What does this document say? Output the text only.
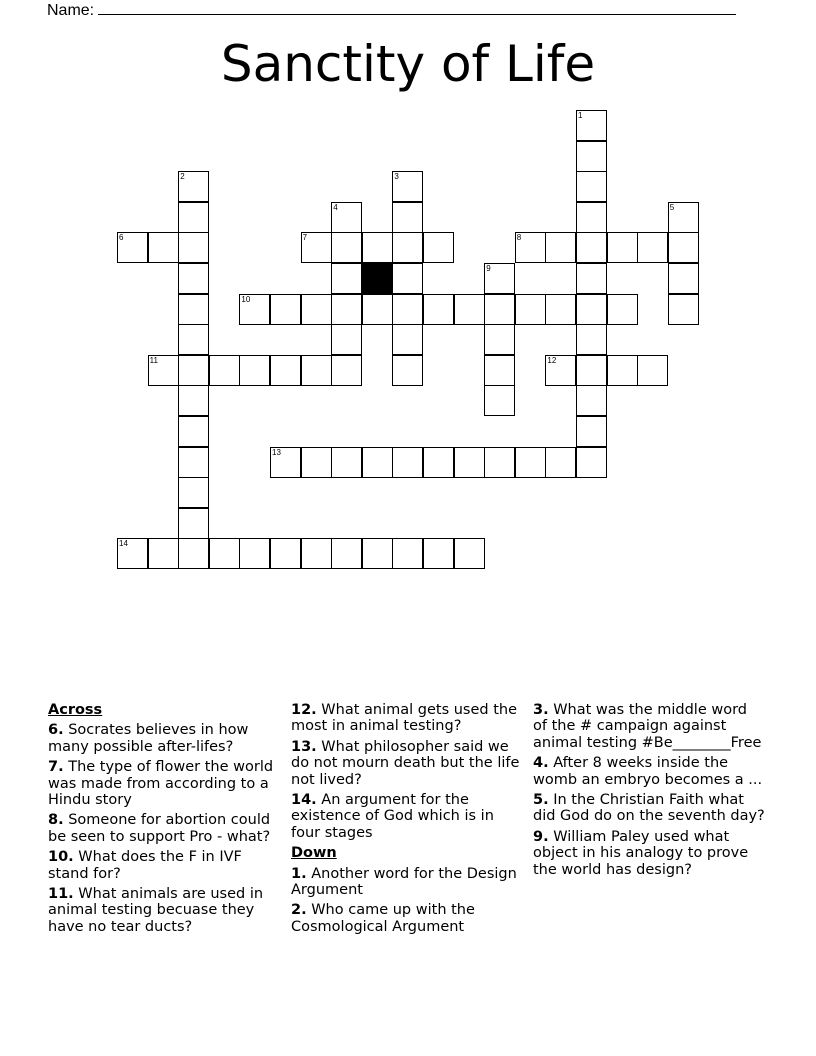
Name:
Sanctity of Life
1
2	3
4	5
6	7	8
9
10
11	12
13
14
Across
6. Socrates believes in how many possible after-lifes?
7. The type of flower the world was made from according to a Hindu story
8. Someone for abortion could be seen to support Pro - what?
10. What does the F in IVF stand for?
11. What animals are used in animal testing becuase they have no tear ducts?
12. What animal gets used the most in animal testing?
13. What philosopher said we do not mourn death but the life not lived?
14. An argument for the existence of God which is in four stages
Down
1. Another word for the Design Argument
2. Who came up with the Cosmological Argument
3. What was the middle word of the # campaign against animal testing #Be________Free
4. After 8 weeks inside the womb an embryo becomes a ...
5. In the Christian Faith what did God do on the seventh day?
9. William Paley used what object in his analogy to prove the world has design?
